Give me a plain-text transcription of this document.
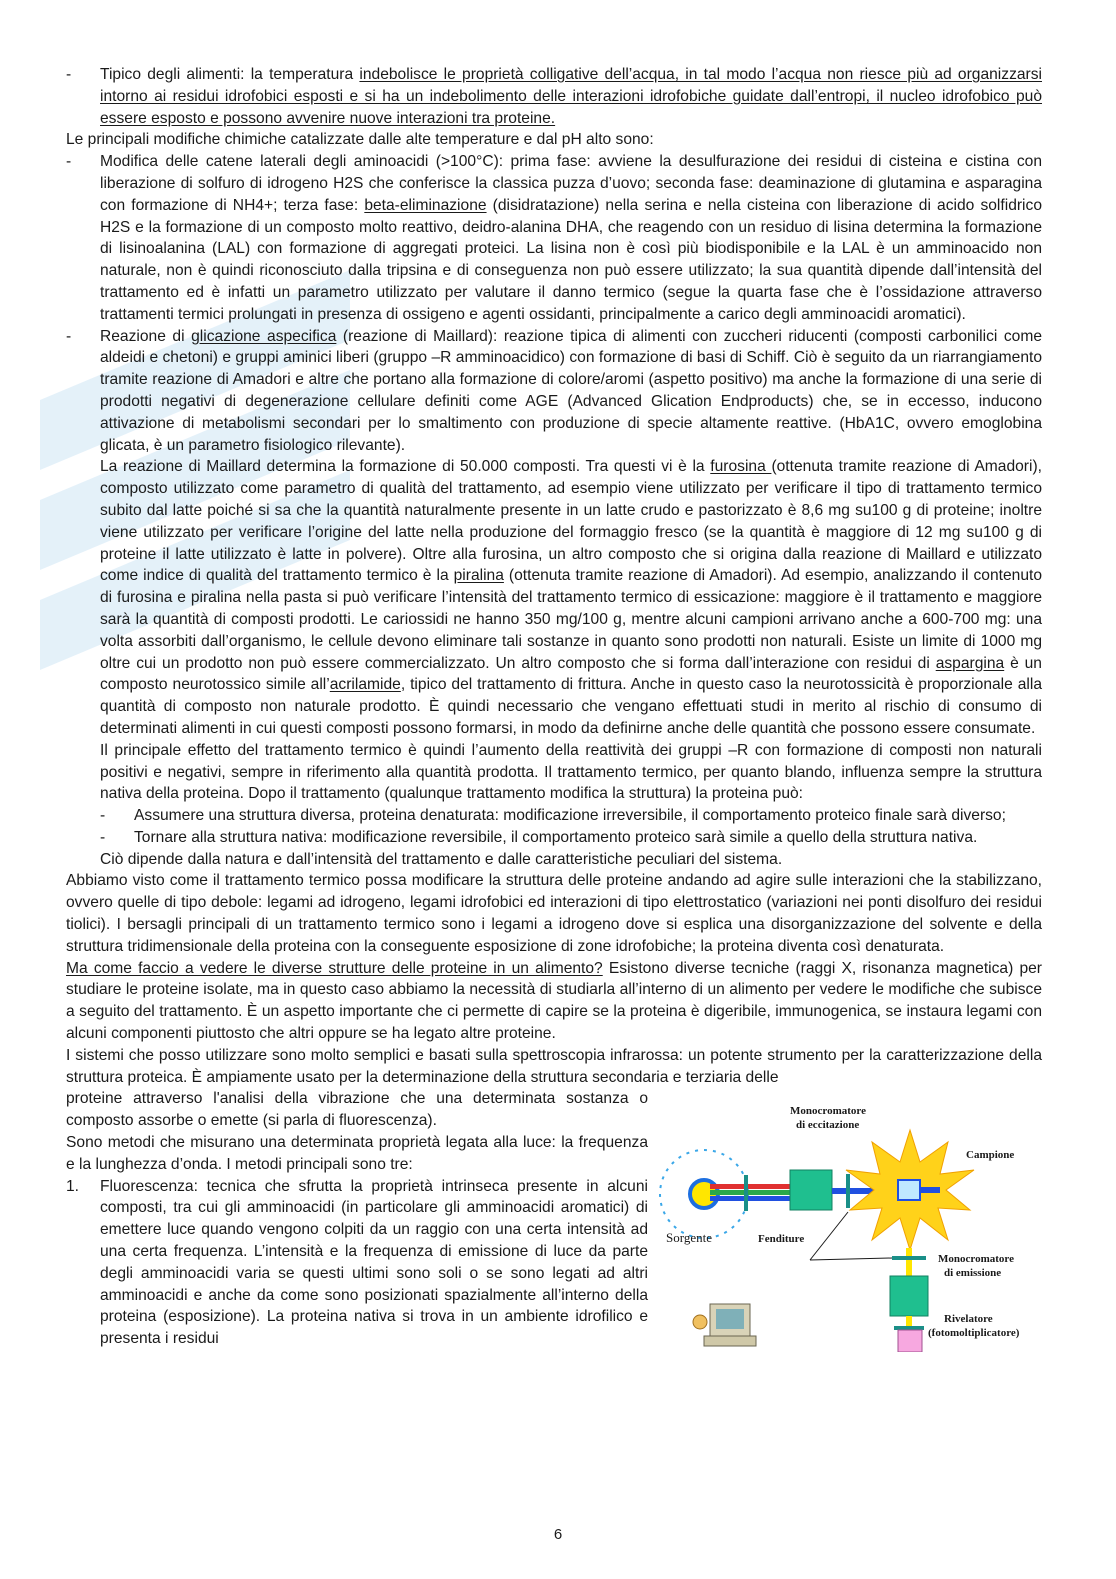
- Tipico degli alimenti: la temperatura indebolisce le proprietà colligative dell’acqua, in tal modo l’acqua non riesce più ad organizzarsi intorno ai residui idrofobici esposti e si ha un indebolimento delle interazioni idrofobiche guidate dall’entropi, il nucleo idrofobico può essere esposto e possono avvenire nuove interazioni tra proteine.

Le principali modifiche chimiche catalizzate dalle alte temperature e dal pH alto sono:

- Modifica delle catene laterali degli aminoacidi (>100°C): prima fase: avviene la desulfurazione dei residui di cisteina e cistina con liberazione di solfuro di idrogeno H2S che conferisce la classica puzza d’uovo; seconda fase: deaminazione di glutamina e asparagina con formazione di NH4+; terza fase: beta-eliminazione (disidratazione) nella serina e nella cisteina con liberazione di acido solfidrico H2S e la formazione di un composto molto reattivo, deidro-alanina DHA, che reagendo con un residuo di lisina determina la formazione di lisinoalanina (LAL) con formazione di aggregati proteici. La lisina non è così più biodisponibile e la LAL è un amminoacido non naturale, non è quindi riconosciuto dalla tripsina e di conseguenza non può essere utilizzato; la sua quantità dipende dall’intensità del trattamento ed è infatti un parametro utilizzato per valutare il danno termico (segue la quarta fase che è l’ossidazione attraverso trattamenti termici prolungati in presenza di ossigeno e agenti ossidanti, principalmente a carico degli amminoacidi aromatici).

- Reazione di glicazione aspecifica (reazione di Maillard): reazione tipica di alimenti con zuccheri riducenti (composti carbonilici come aldeidi e chetoni) e gruppi aminici liberi (gruppo –R amminoacidico) con formazione di basi di Schiff. Ciò è seguito da un riarrangiamento tramite reazione di Amadori e altre che portano alla formazione di colore/aromi (aspetto positivo) ma anche la formazione di una serie di prodotti negativi di degenerazione cellulare definiti come AGE (Advanced Glication Endproducts) che, se in eccesso, inducono attivazione di metabolismi secondari per lo smaltimento con produzione di specie altamente reattive. (HbA1C, ovvero emoglobina glicata, è un parametro fisiologico rilevante).

La reazione di Maillard determina la formazione di 50.000 composti. Tra questi vi è la furosina (ottenuta tramite reazione di Amadori), composto utilizzato come parametro di qualità del trattamento, ad esempio viene utilizzato per verificare il tipo di trattamento termico subito dal latte poiché si sa che la quantità naturalmente presente in un latte crudo e pastorizzato è 8,6 mg su100 g di proteine; inoltre viene utilizzato per verificare l’origine del latte nella produzione del formaggio fresco (se la quantità è maggiore di 12 mg su100 g di proteine il latte utilizzato è latte in polvere). Oltre alla furosina, un altro composto che si origina dalla reazione di Maillard e utilizzato come indice di qualità del trattamento termico è la piralina (ottenuta tramite reazione di Amadori). Ad esempio, analizzando il contenuto di furosina e piralina nella pasta si può verificare l’intensità del trattamento termico di essicazione: maggiore è il trattamento e maggiore sarà la quantità di composti prodotti. Le cariossidi ne hanno 350 mg/100 g, mentre alcuni campioni arrivano anche a 600-700 mg: una volta assorbiti dall’organismo, le cellule devono eliminare tali sostanze in quanto sono prodotti non naturali. Esiste un limite di 1000 mg oltre cui un prodotto non può essere commercializzato. Un altro composto che si forma dall’interazione con residui di aspargina è un composto neurotossico simile all’acrilamide, tipico del trattamento di frittura. Anche in questo caso la neurotossicità è proporzionale alla quantità di composto non naturale prodotto. È quindi necessario che vengano effettuati studi in merito al rischio di consumo di determinati alimenti in cui questi composti possono formarsi, in modo da definirne anche delle quantità che possono essere consumate.

Il principale effetto del trattamento termico è quindi l’aumento della reattività dei gruppi –R con formazione di composti non naturali positivi e negativi, sempre in riferimento alla quantità prodotta. Il trattamento termico, per quanto blando, influenza sempre la struttura nativa della proteina. Dopo il trattamento (qualunque trattamento modifica la struttura) la proteina può:

- Assumere una struttura diversa, proteina denaturata: modificazione irreversibile, il comportamento proteico finale sarà diverso;

- Tornare alla struttura nativa: modificazione reversibile, il comportamento proteico sarà simile a quello della struttura nativa.

Ciò dipende dalla natura e dall’intensità del trattamento e dalle caratteristiche peculiari del sistema.

Abbiamo visto come il trattamento termico possa modificare la struttura delle proteine andando ad agire sulle interazioni che la stabilizzano, ovvero quelle di tipo debole: legami ad idrogeno, legami idrofobici ed interazioni di tipo elettrostatico (variazioni nei ponti disolfuro dei residui tiolici). I bersagli principali di un trattamento termico sono i legami a idrogeno dove si esplica una disorganizzazione del solvente e della struttura tridimensionale della proteina con la conseguente esposizione di zone idrofobiche; la proteina diventa così denaturata.

Ma come faccio a vedere le diverse strutture delle proteine in un alimento? Esistono diverse tecniche (raggi X, risonanza magnetica) per studiare le proteine isolate, ma in questo caso abbiamo la necessità di studiarla all’interno di un alimento per vedere le modifiche che subisce a seguito del trattamento. È un aspetto importante che ci permette di capire se la proteina è digeribile, immunogenica, se instaura legami con alcuni componenti piuttosto che altri oppure se ha legato altre proteine.

I sistemi che posso utilizzare sono molto semplici e basati sulla spettroscopia infrarossa: un potente strumento per la caratterizzazione della struttura proteica. È ampiamente usato per la determinazione della struttura secondaria e terziaria delle

proteine attraverso l'analisi della vibrazione che una determinata sostanza o composto assorbe o emette (si parla di fluorescenza).

Sono metodi che misurano una determinata proprietà legata alla luce: la frequenza e la lunghezza d’onda. I metodi principali sono tre:

1. Fluorescenza: tecnica che sfrutta la proprietà intrinseca presente in alcuni composti, tra cui gli amminoacidi (in particolare gli amminoacidi aromatici) di emettere luce quando vengono colpiti da un raggio con una certa intensità ad una certa frequenza. L’intensità e la frequenza di emissione di luce da parte degli amminoacidi varia se questi ultimi sono soli o se sono legati ad altri amminoacidi e anche da come sono posizionati spazialmente all’interno della proteina (esposizione). La proteina nativa si trova in un ambiente idrofilico e presenta i residui

Monocromatore
di eccitazione
Campione
Sorgente	Fenditure
Monocromatore
di emissione
Rivelatore
(fotomoltiplicatore)
6
